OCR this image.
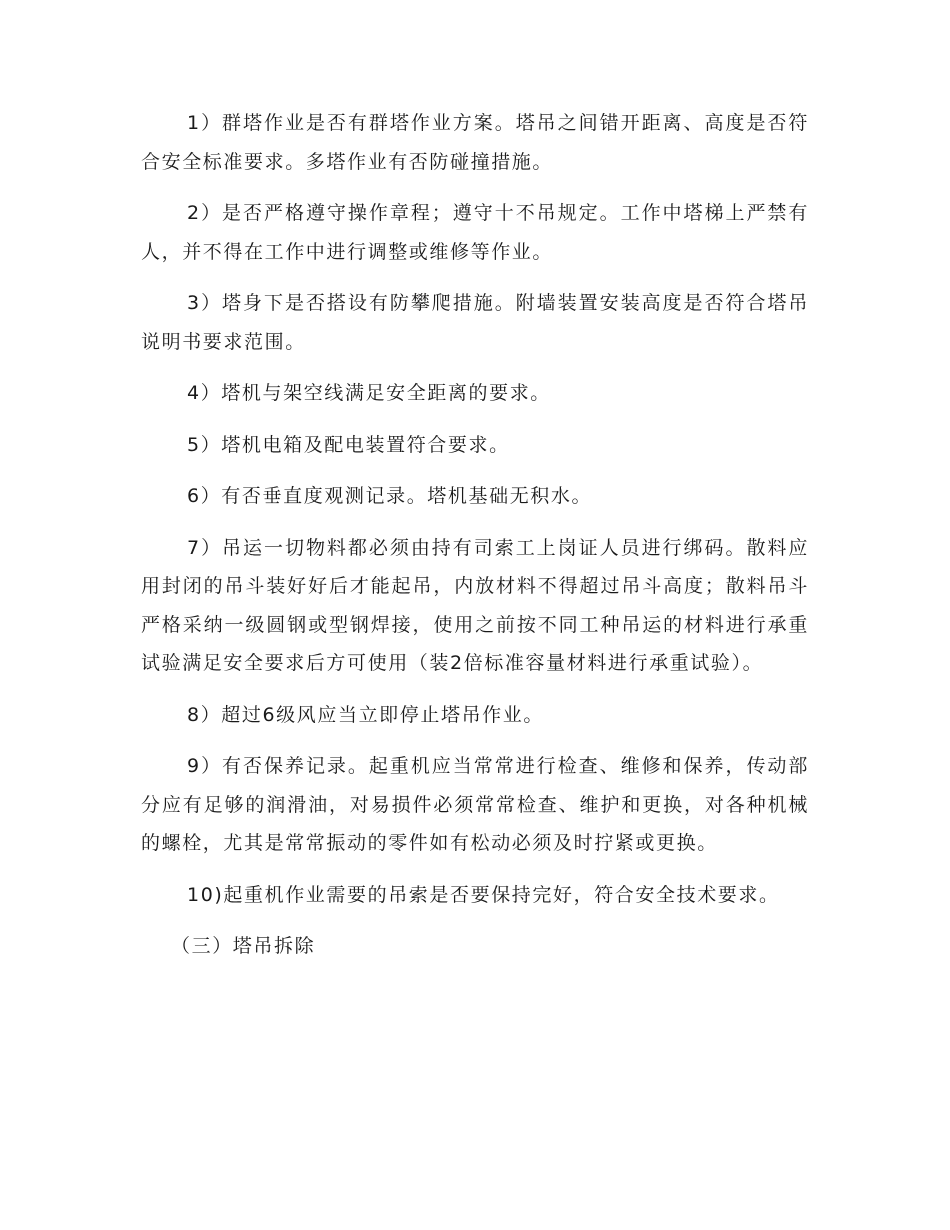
1）群塔作业是否有群塔作业方案。塔吊之间错开距离、高度是否符合安全标准要求。多塔作业有否防碰撞措施。

2）是否严格遵守操作章程；遵守十不吊规定。工作中塔梯上严禁有人，并不得在工作中进行调整或维修等作业。

3）塔身下是否搭设有防攀爬措施。附墙装置安装高度是否符合塔吊说明书要求范围。

4）塔机与架空线满足安全距离的要求。

5）塔机电箱及配电装置符合要求。

6）有否垂直度观测记录。塔机基础无积水。

7）吊运一切物料都必须由持有司索工上岗证人员进行绑码。散料应用封闭的吊斗装好好后才能起吊，内放材料不得超过吊斗高度；散料吊斗严格采纳一级圆钢或型钢焊接，使用之前按不同工种吊运的材料进行承重试验满足安全要求后方可使用（装2倍标准容量材料进行承重试验）。

8）超过6级风应当立即停止塔吊作业。

9）有否保养记录。起重机应当常常进行检查、维修和保养，传动部分应有足够的润滑油，对易损件必须常常检查、维护和更换，对各种机械的螺栓，尤其是常常振动的零件如有松动必须及时拧紧或更换。

10)起重机作业需要的吊索是否要保持完好，符合安全技术要求。

（三）塔吊拆除
